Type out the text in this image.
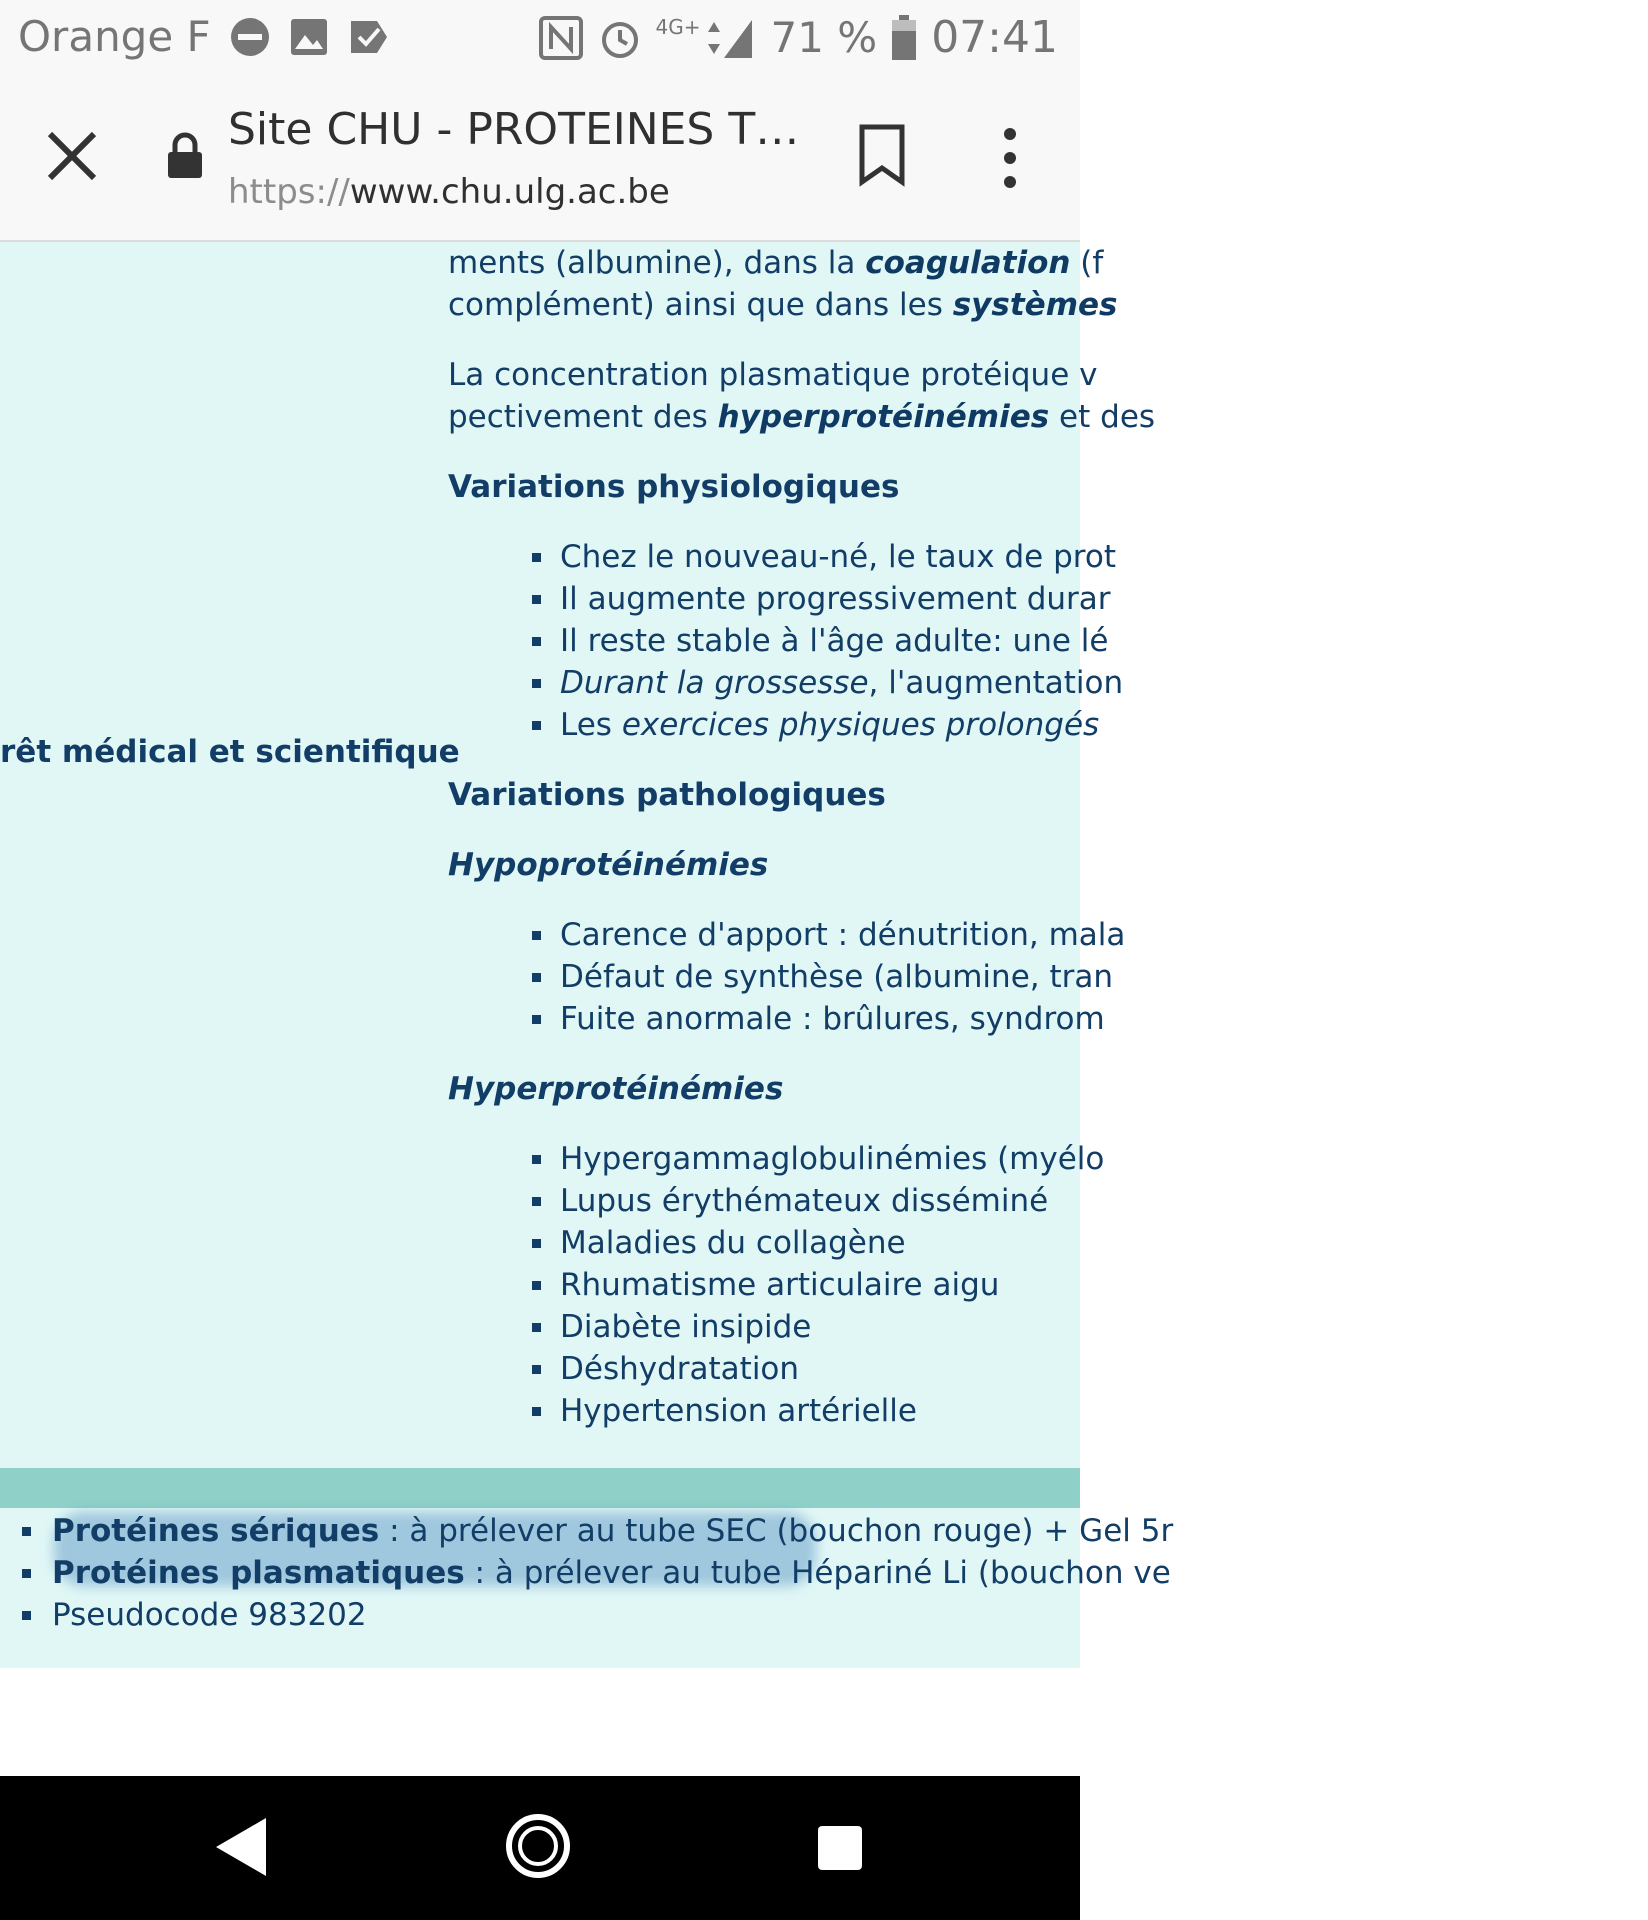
Orange F	4G+ 71 % 07:41
Site CHU - PROTEINES T…
https://www.chu.ulg.ac.be
rêt médical et scientifique

ments (albumine), dans la coagulation (f

complément) ainsi que dans les systèmes

La concentration plasmatique protéique v

pectivement des hyperprotéinémies et des

Variations physiologiques

Chez le nouveau-né, le taux de prot
Il augmente progressivement durar
Il reste stable à l'âge adulte: une lé
Durant la grossesse, l'augmentation
Les exercices physiques prolongés

Variations pathologiques

Hypoprotéinémies

Carence d'apport : dénutrition, mala
Défaut de synthèse (albumine, tran
Fuite anormale : brûlures, syndrom

Hyperprotéinémies

Hypergammaglobulinémies (myélo
Lupus érythémateux disséminé
Maladies du collagène
Rhumatisme articulaire aigu
Diabète insipide
Déshydratation
Hypertension artérielle
Protéines sériques : à prélever au tube SEC (bouchon rouge) + Gel 5r
Protéines plasmatiques : à prélever au tube Hépariné Li (bouchon ve
Pseudocode 983202
